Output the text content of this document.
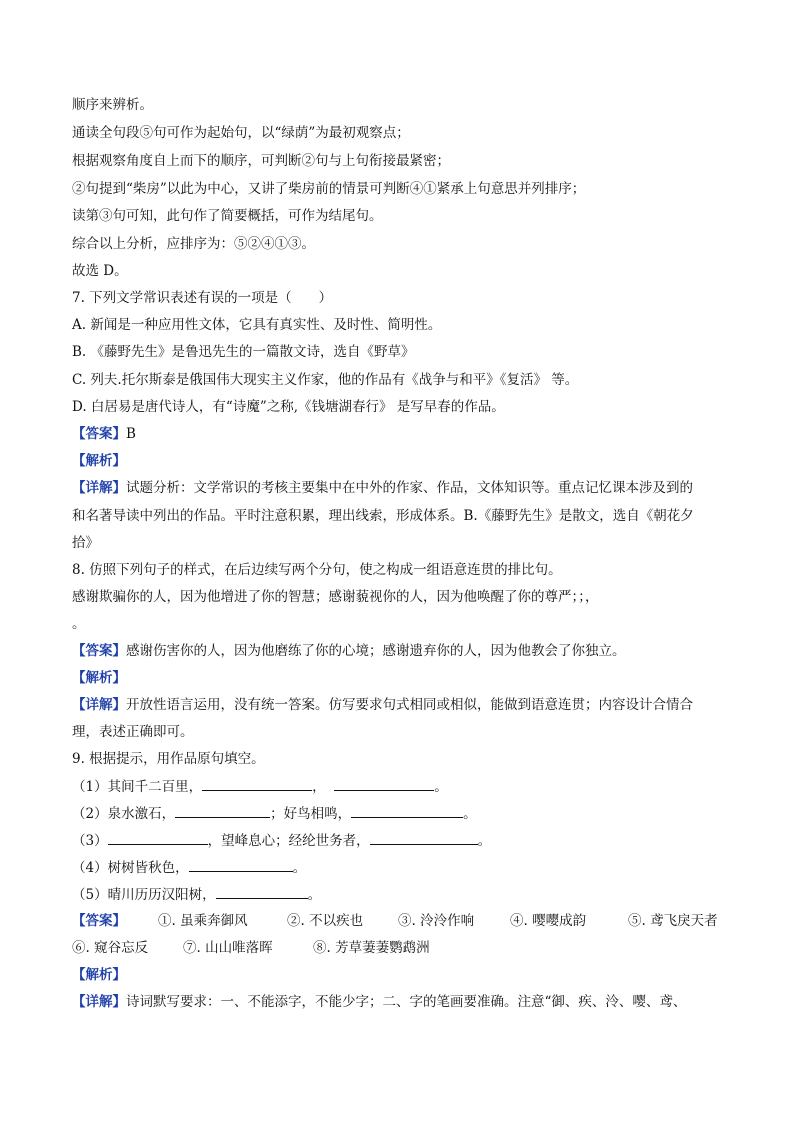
顺序来辨析。
通读全句段⑤句可作为起始句，以“绿荫”为最初观察点；
根据观察角度自上而下的顺序，可判断②句与上句衔接最紧密；
②句提到“柴房”以此为中心，又讲了柴房前的情景可判断④①紧承上句意思并列排序；
读第③句可知，此句作了简要概括，可作为结尾句。
综合以上分析，应排序为：⑤②④①③。
故选 D。
7. 下列文学常识表述有误的一项是（　　）
A. 新闻是一种应用性文体，它具有真实性、及时性、简明性。
B. 《藤野先生》是鲁迅先生的一篇散文诗，选自《野草》
C. 列夫.托尔斯泰是俄国伟大现实主义作家，他的作品有《战争与和平》《复活》 等。
D. 白居易是唐代诗人，有“诗魔”之称,《钱塘湖春行》 是写早春的作品。
【答案】B
【解析】
【详解】试题分析：文学常识的考核主要集中在中外的作家、作品，文体知识等。重点记忆课本涉及到的
和名著导读中列出的作品。平时注意积累，理出线索，形成体系。B.《藤野先生》是散文，选自《朝花夕
拾》
8. 仿照下列句子的样式，在后边续写两个分句，使之构成一组语意连贯的排比句。
感谢欺骗你的人，因为他增进了你的智慧；感谢藐视你的人，因为他唤醒了你的尊严；；，
。
【答案】感谢伤害你的人，因为他磨练了你的心境；感谢遗弃你的人，因为他教会了你独立。
【解析】
【详解】开放性语言运用，没有统一答案。仿写要求句式相同或相似，能做到语意连贯；内容设计合情合
理，表述正确即可。
9. 根据提示，用作品原句填空。
（1）其间千二百里，	，	。
（2）泉水激石，	；好鸟相鸣，	。
（3）	，望峰息心；经纶世务者，	。
（4）树树皆秋色，	。
（5）晴川历历汉阳树，	。
【答案】 ①. 虽乘奔御风	②. 不以疾也	③. 泠泠作响	④. 嘤嘤成韵	⑤. 鸢飞戾天者
⑥. 窥谷忘反	⑦. 山山唯落晖	⑧. 芳草萋萋鹦鹉洲
【解析】
【详解】诗词默写要求：一、不能添字，不能少字；二、字的笔画要准确。注意“御、疾、泠、嘤、鸢、
